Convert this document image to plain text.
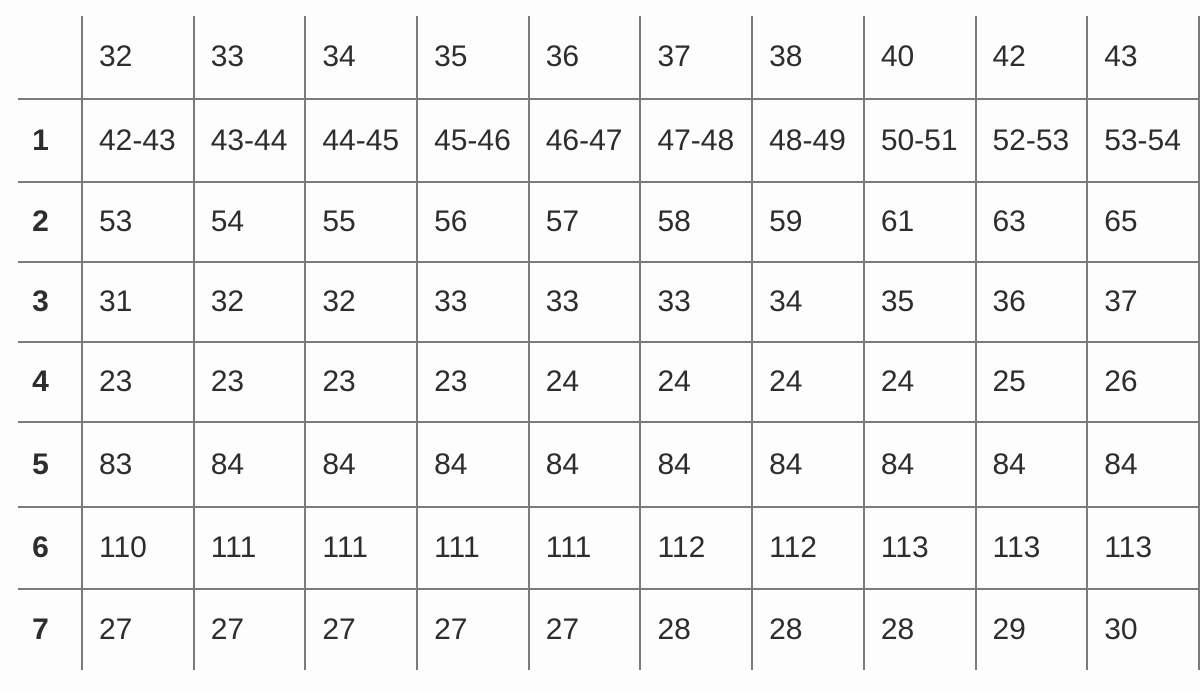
	32	33	34	35	36	37	38	40	42	43
1	42-43	43-44	44-45	45-46	46-47	47-48	48-49	50-51	52-53	53-54
2	53	54	55	56	57	58	59	61	63	65
3	31	32	32	33	33	33	34	35	36	37
4	23	23	23	23	24	24	24	24	25	26
5	83	84	84	84	84	84	84	84	84	84
6	110	111	111	111	111	112	112	113	113	113
7	27	27	27	27	27	28	28	28	29	30
